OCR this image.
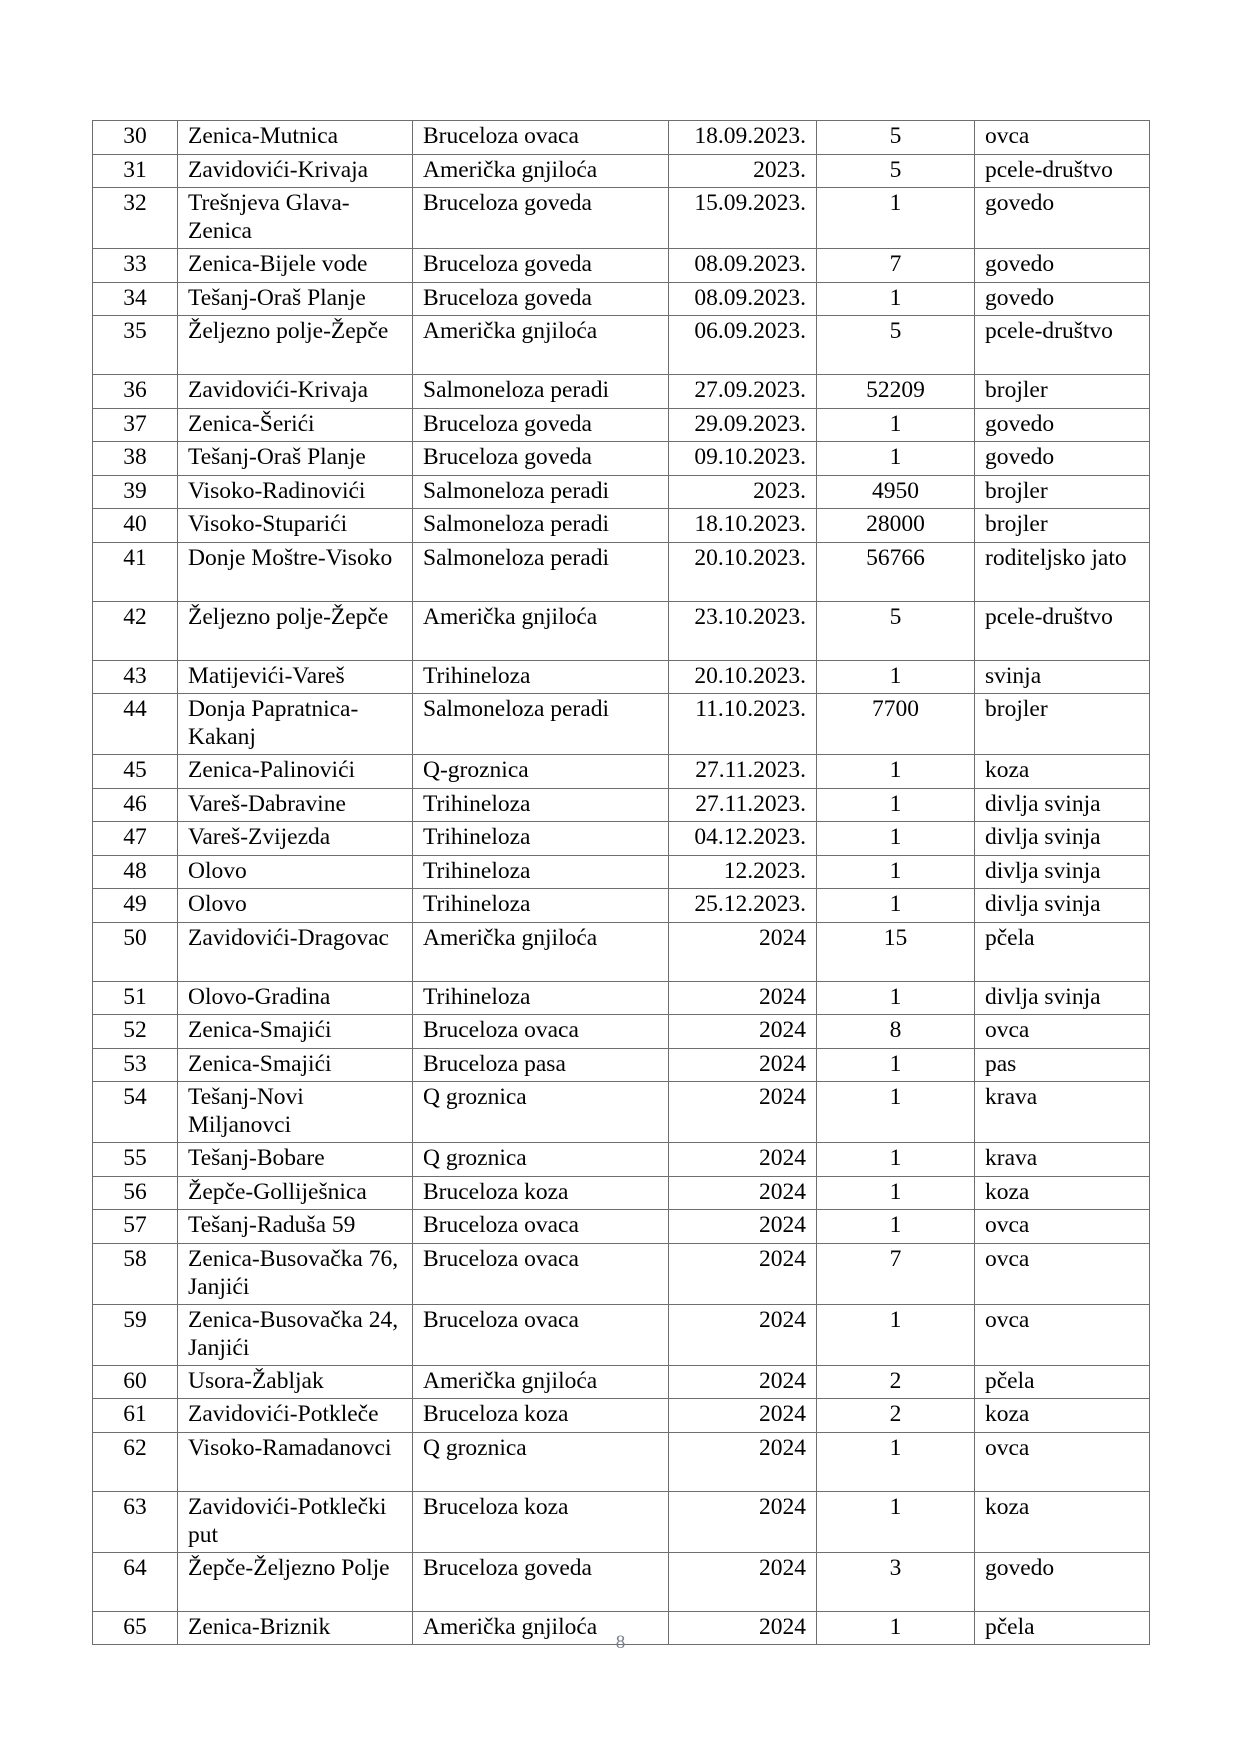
30	Zenica-Mutnica	Bruceloza ovaca	18.09.2023.	5	ovca
31	Zavidovići-Krivaja	Američka gnjiloća	2023.	5	pcele-društvo
32	Trešnjeva Glava-Zenica	Bruceloza goveda	15.09.2023.	1	govedo
33	Zenica-Bijele vode	Bruceloza goveda	08.09.2023.	7	govedo
34	Tešanj-Oraš Planje	Bruceloza goveda	08.09.2023.	1	govedo
35	Željezno polje-Žepče	Američka gnjiloća	06.09.2023.	5	pcele-društvo
36	Zavidovići-Krivaja	Salmoneloza peradi	27.09.2023.	52209	brojler
37	Zenica-Šerići	Bruceloza goveda	29.09.2023.	1	govedo
38	Tešanj-Oraš Planje	Bruceloza goveda	09.10.2023.	1	govedo
39	Visoko-Radinovići	Salmoneloza peradi	2023.	4950	brojler
40	Visoko-Stuparići	Salmoneloza peradi	18.10.2023.	28000	brojler
41	Donje Moštre-Visoko	Salmoneloza peradi	20.10.2023.	56766	roditeljsko jato
42	Željezno polje-Žepče	Američka gnjiloća	23.10.2023.	5	pcele-društvo
43	Matijevići-Vareš	Trihineloza	20.10.2023.	1	svinja
44	Donja Papratnica-Kakanj	Salmoneloza peradi	11.10.2023.	7700	brojler
45	Zenica-Palinovići	Q-groznica	27.11.2023.	1	koza
46	Vareš-Dabravine	Trihineloza	27.11.2023.	1	divlja svinja
47	Vareš-Zvijezda	Trihineloza	04.12.2023.	1	divlja svinja
48	Olovo	Trihineloza	12.2023.	1	divlja svinja
49	Olovo	Trihineloza	25.12.2023.	1	divlja svinja
50	Zavidovići-Dragovac	Američka gnjiloća	2024	15	pčela
51	Olovo-Gradina	Trihineloza	2024	1	divlja svinja
52	Zenica-Smajići	Bruceloza ovaca	2024	8	ovca
53	Zenica-Smajići	Bruceloza pasa	2024	1	pas
54	Tešanj-Novi Miljanovci	Q groznica	2024	1	krava
55	Tešanj-Bobare	Q groznica	2024	1	krava
56	Žepče-Golliješnica	Bruceloza koza	2024	1	koza
57	Tešanj-Raduša 59	Bruceloza ovaca	2024	1	ovca
58	Zenica-Busovačka 76, Janjići	Bruceloza ovaca	2024	7	ovca
59	Zenica-Busovačka 24, Janjići	Bruceloza ovaca	2024	1	ovca
60	Usora-Žabljak	Američka gnjiloća	2024	2	pčela
61	Zavidovići-Potkleče	Bruceloza koza	2024	2	koza
62	Visoko-Ramadanovci	Q groznica	2024	1	ovca
63	Zavidovići-Potklečki put	Bruceloza koza	2024	1	koza
64	Žepče-Željezno Polje	Bruceloza goveda	2024	3	govedo
65	Zenica-Briznik	Američka gnjiloća	2024	1	pčela
8
